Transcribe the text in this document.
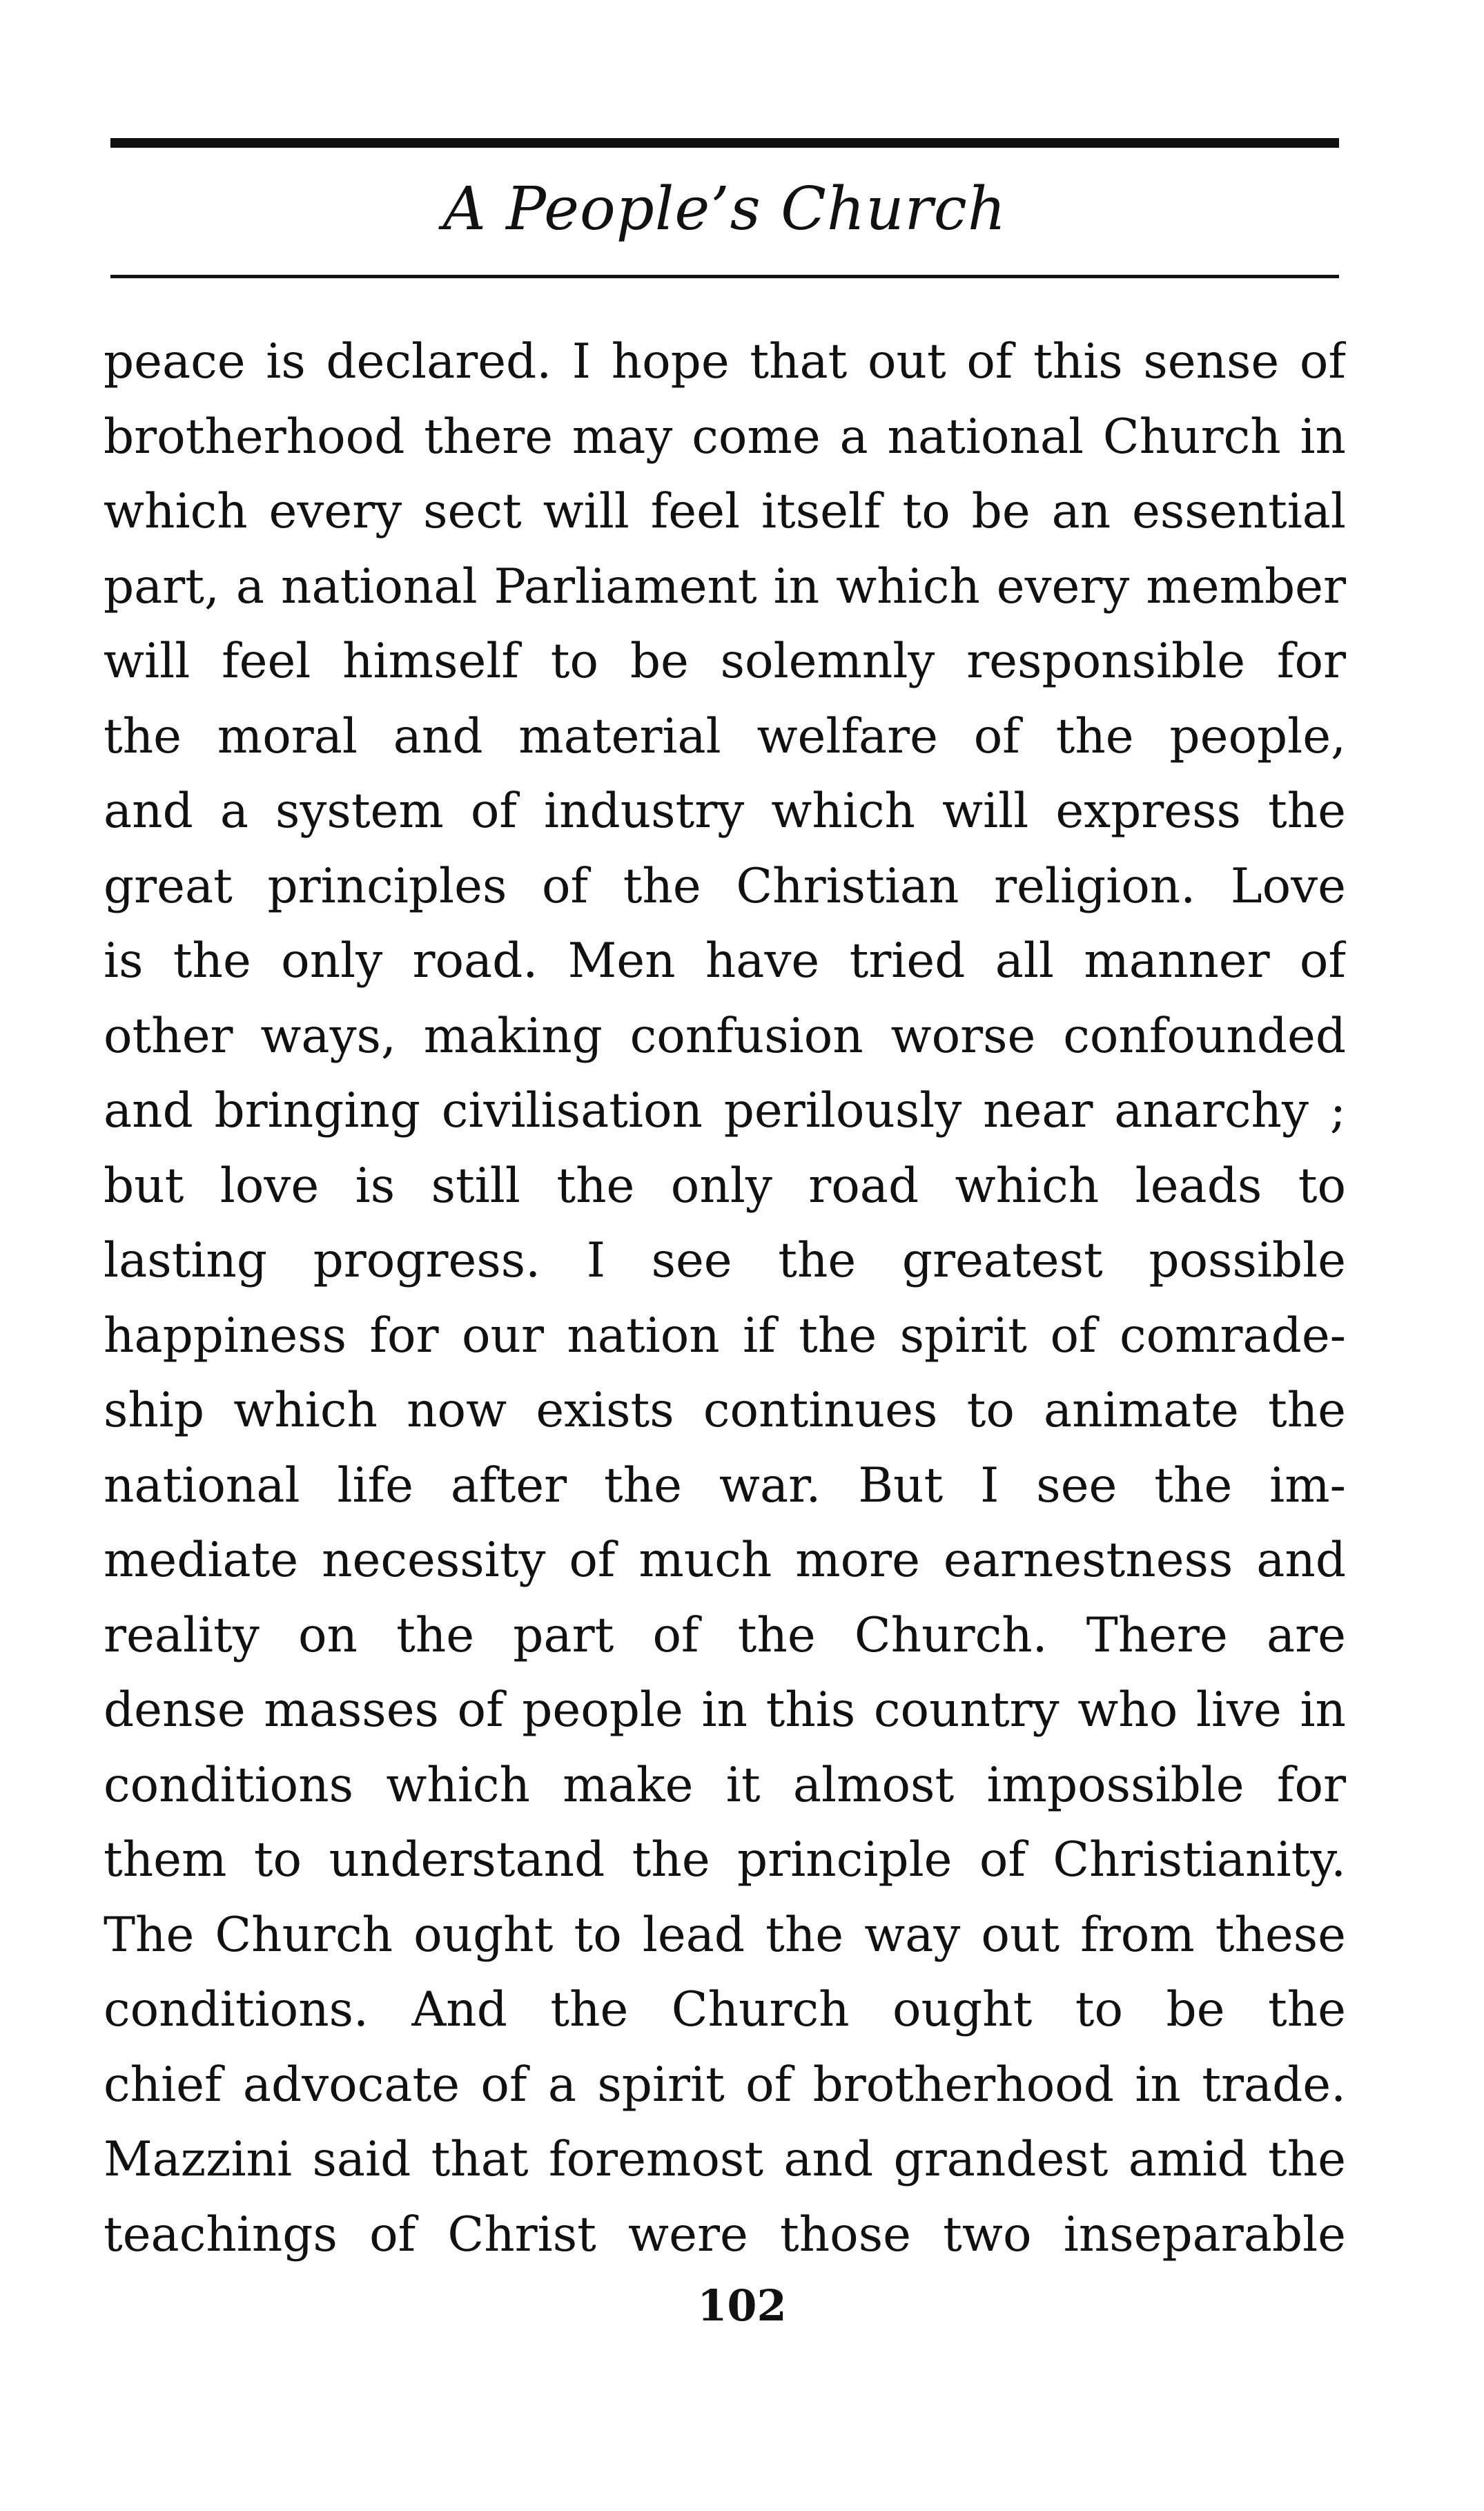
A People’s Church
peace is declared. I hope that out of this sense of
brotherhood there may come a national Church in
which every sect will feel itself to be an essential
part, a national Parliament in which every member
will feel himself to be solemnly responsible for
the moral and material welfare of the people,
and a system of industry which will express the
great principles of the Christian religion. Love
is the only road. Men have tried all manner of
other ways, making confusion worse confounded
and bringing civilisation perilously near anarchy ;
but love is still the only road which leads to
lasting progress. I see the greatest possible
happiness for our nation if the spirit of comrade-
ship which now exists continues to animate the
national life after the war. But I see the im-
mediate necessity of much more earnestness and
reality on the part of the Church. There are
dense masses of people in this country who live in
conditions which make it almost impossible for
them to understand the principle of Christianity.
The Church ought to lead the way out from these
conditions. And the Church ought to be the
chief advocate of a spirit of brotherhood in trade.
Mazzini said that foremost and grandest amid the
teachings of Christ were those two inseparable
102
